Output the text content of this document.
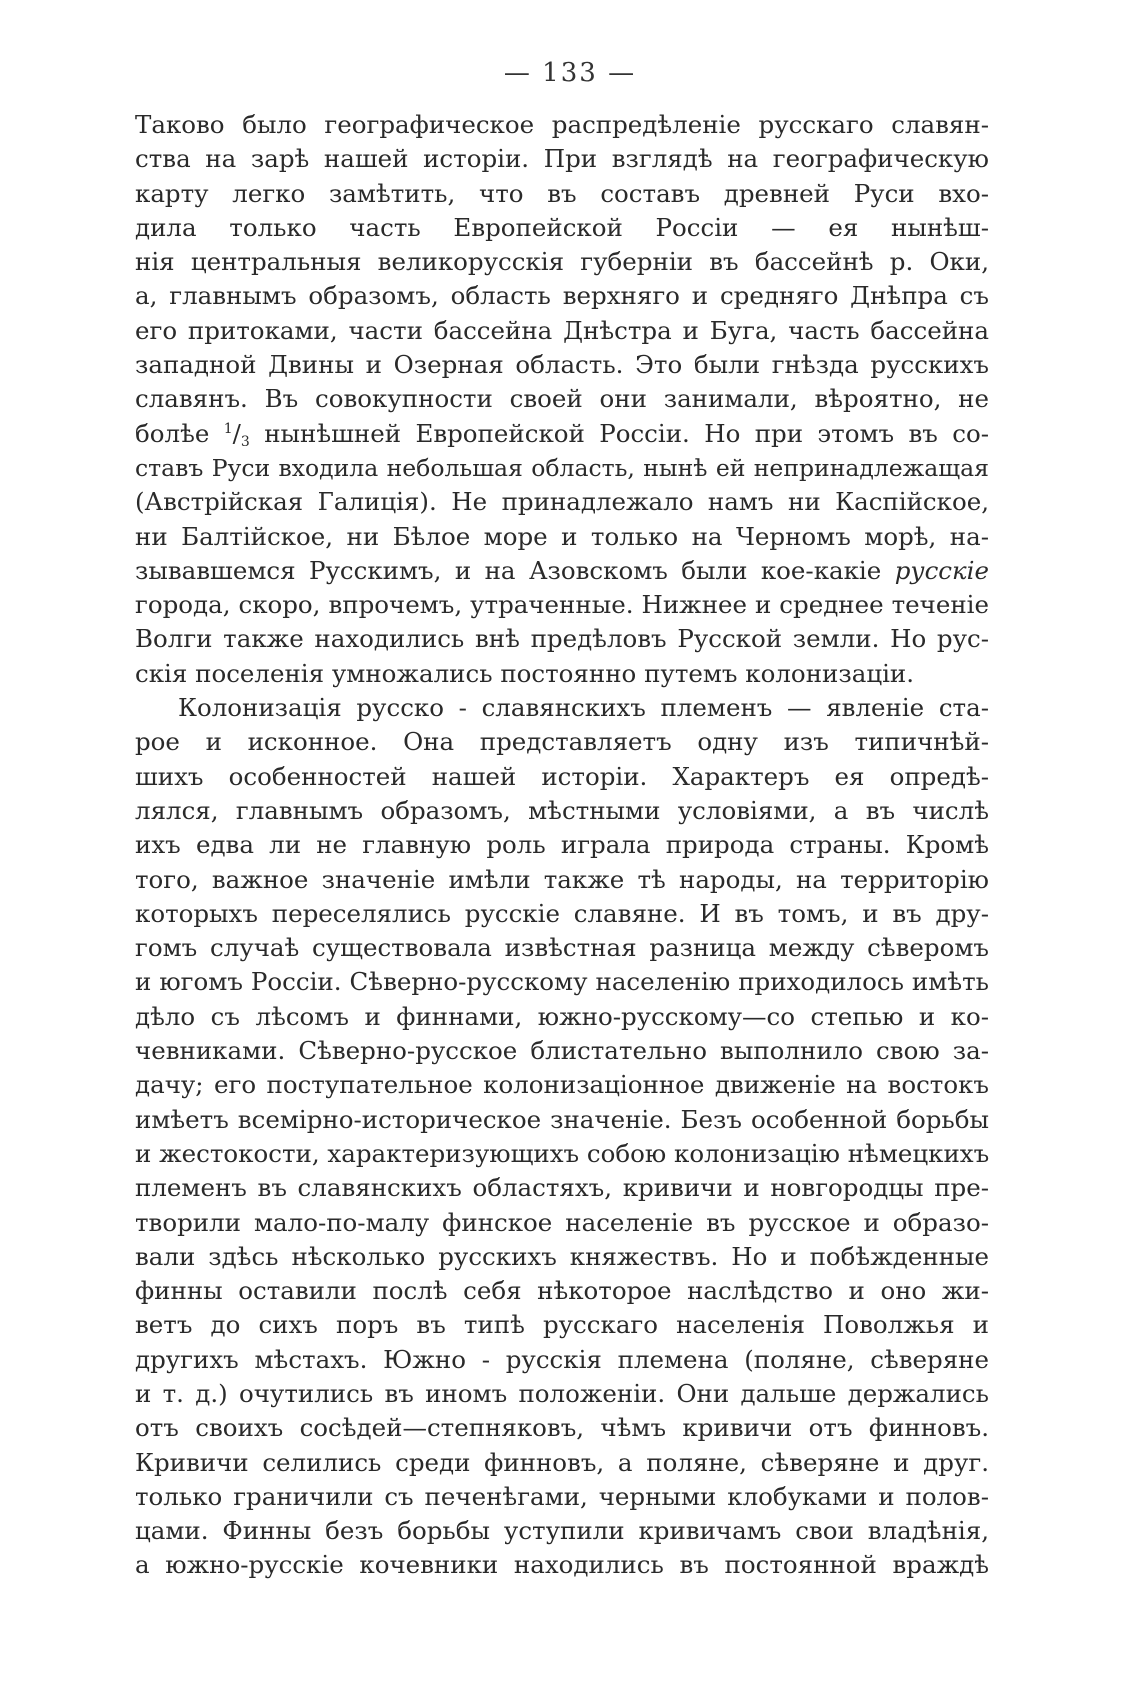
— 133 —
Таково было географическое распредѣленіе русскаго славян-
ства на зарѣ нашей исторіи. При взглядѣ на географическую
карту легко замѣтить, что въ составъ древней Руси вхо-
дила только часть Европейской Россіи — ея нынѣш-
нія центральныя великорусскія губерніи въ бассейнѣ р. Оки,
а, главнымъ образомъ, область верхняго и средняго Днѣпра съ
его притоками, части бассейна Днѣстра и Буга, часть бассейна
западной Двины и Озерная область. Это были гнѣзда русскихъ
славянъ. Въ совокупности своей они занимали, вѣроятно, не
болѣе $^1/_3$ нынѣшней Европейской Россіи. Но при этомъ въ со-
ставъ Руси входила небольшая область, нынѣ ей непринадлежащая
(Австрійская Галиція). Не принадлежало намъ ни Каспійское,
ни Балтійское, ни Бѣлое море и только на Черномъ морѣ, на-
зывавшемся Русскимъ, и на Азовскомъ были кое-какіе русскіе
города, скоро, впрочемъ, утраченные. Нижнее и среднее теченіе
Волги также находились внѣ предѣловъ Русской земли. Но рус-
скія поселенія умножались постоянно путемъ колонизаціи.
Колонизація русско - славянскихъ племенъ — явленіе ста-
рое и исконное. Она представляетъ одну изъ типичнѣй-
шихъ особенностей нашей исторіи. Характеръ ея опредѣ-
лялся, главнымъ образомъ, мѣстными условіями, а въ числѣ
ихъ едва ли не главную роль играла природа страны. Кромѣ
того, важное значеніе имѣли также тѣ народы, на территорію
которыхъ переселялись русскіе славяне. И въ томъ, и въ дру-
гомъ случаѣ существовала извѣстная разница между сѣверомъ
и югомъ Россіи. Сѣверно-русскому населенію приходилось имѣть
дѣло съ лѣсомъ и финнами, южно-русскому—со степью и ко-
чевниками. Сѣверно-русское блистательно выполнило свою за-
дачу; его поступательное колонизаціонное движеніе на востокъ
имѣетъ всемірно-историческое значеніе. Безъ особенной борьбы
и жестокости, характеризующихъ собою колонизацію нѣмецкихъ
племенъ въ славянскихъ областяхъ, кривичи и новгородцы пре-
творили мало-по-малу финское населеніе въ русское и образо-
вали здѣсь нѣсколько русскихъ княжествъ. Но и побѣжденные
финны оставили послѣ себя нѣкоторое наслѣдство и оно жи-
ветъ до сихъ поръ въ типѣ русскаго населенія Поволжья и
другихъ мѣстахъ. Южно - русскія племена (поляне, сѣверяне
и т. д.) очутились въ иномъ положеніи. Они дальше держались
отъ своихъ сосѣдей—степняковъ, чѣмъ кривичи отъ финновъ.
Кривичи селились среди финновъ, а поляне, сѣверяне и друг.
только граничили съ печенѣгами, черными клобуками и полов-
цами. Финны безъ борьбы уступили кривичамъ свои владѣнія,
а южно-русскіе кочевники находились въ постоянной враждѣ
